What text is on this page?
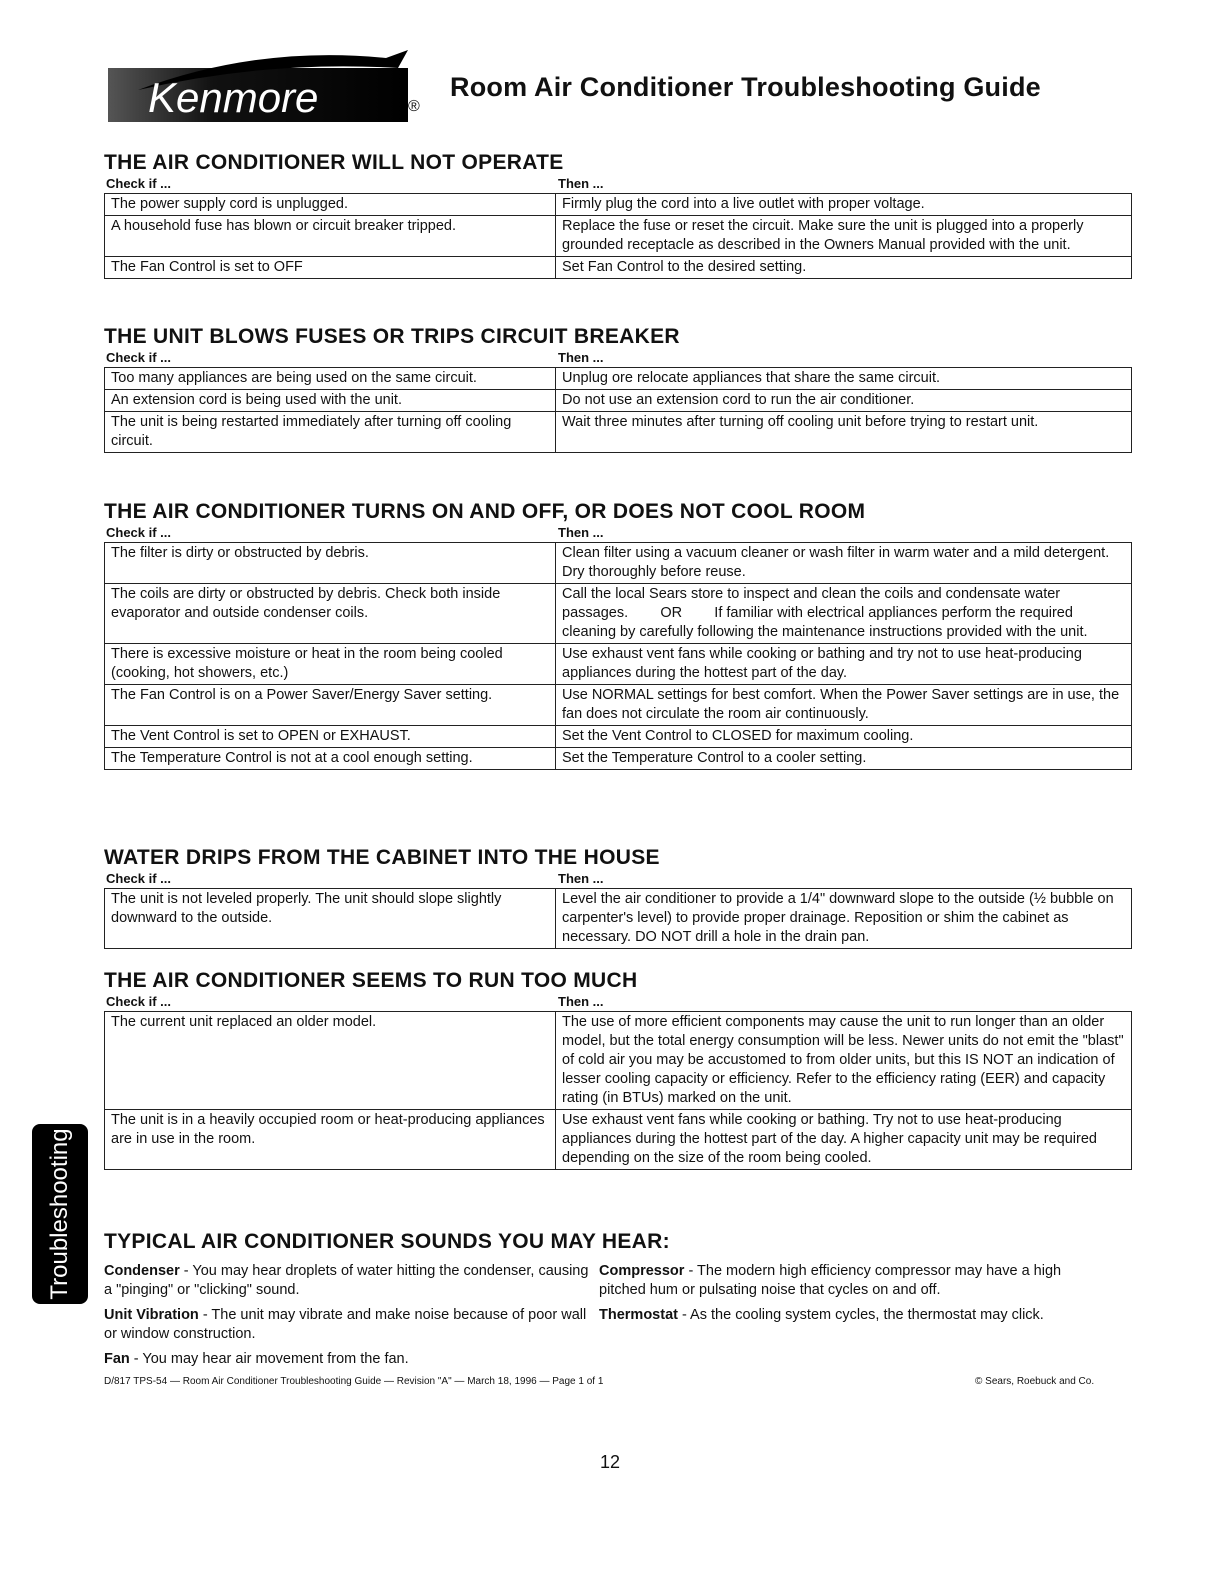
Kenmore	®
Room Air Conditioner Troubleshooting Guide
THE AIR CONDITIONER WILL NOT OPERATE
Check if ...	Then ...
The power supply cord is unplugged.	Firmly plug the cord into a live outlet with proper voltage.
A household fuse has blown or circuit breaker tripped.	Replace the fuse or reset the circuit. Make sure the unit is plugged into a properly grounded receptacle as described in the Owners Manual provided with the unit.
The Fan Control is set to OFF	Set Fan Control to the desired setting.
THE UNIT BLOWS FUSES OR TRIPS CIRCUIT BREAKER
Check if ...	Then ...
Too many appliances are being used on the same circuit.	Unplug ore relocate appliances that share the same circuit.
An extension cord is being used with the unit.	Do not use an extension cord to run the air conditioner.
The unit is being restarted immediately after turning off cooling circuit.	Wait three minutes after turning off cooling unit before trying to restart unit.
THE AIR CONDITIONER TURNS ON AND OFF, OR DOES NOT COOL ROOM
Check if ...	Then ...
The filter is dirty or obstructed by debris.	Clean filter using a vacuum cleaner or wash filter in warm water and a mild detergent. Dry thoroughly before reuse.
The coils are dirty or obstructed by debris. Check both inside evaporator and outside condenser coils.	Call the local Sears store to inspect and clean the coils and condensate water passages.        OR        If familiar with electrical appliances perform the required cleaning by carefully following the maintenance instructions provided with the unit.
There is excessive moisture or heat in the room being cooled (cooking, hot showers, etc.)	Use exhaust vent fans while cooking or bathing and try not to use heat-producing appliances during the hottest part of the day.
The Fan Control is on a Power Saver/Energy Saver setting.	Use NORMAL settings for best comfort. When the Power Saver settings are in use, the fan does not circulate the room air continuously.
The Vent Control is set to OPEN or EXHAUST.	Set the Vent Control to CLOSED for maximum cooling.
The Temperature Control is not at a cool enough setting.	Set the Temperature Control to a cooler setting.
WATER DRIPS FROM THE CABINET INTO THE HOUSE
Check if ...	Then ...
The unit is not leveled properly. The unit should slope slightly downward to the outside.	Level the air conditioner to provide a 1/4" downward slope to the outside (½ bubble on carpenter's level) to provide proper drainage. Reposition or shim the cabinet as necessary. DO NOT drill a hole in the drain pan.
THE AIR CONDITIONER SEEMS TO RUN TOO MUCH
Check if ...	Then ...
The current unit replaced an older model.	The use of more efficient components may cause the unit to run longer than an older model, but the total energy consumption will be less. Newer units do not emit the "blast" of cold air you may be accustomed to from older units, but this IS NOT an indication of lesser cooling capacity or efficiency. Refer to the efficiency rating (EER) and capacity rating (in BTUs) marked on the unit.
The unit is in a heavily occupied room or heat-producing appliances are in use in the room.	Use exhaust vent fans while cooking or bathing. Try not to use heat-producing appliances during the hottest part of the day. A higher capacity unit may be required depending on the size of the room being cooled.
TYPICAL AIR CONDITIONER SOUNDS YOU MAY HEAR:

Condenser - You may hear droplets of water hitting the condenser, causing a "pinging" or "clicking" sound.

Unit Vibration - The unit may vibrate and make noise because of poor wall or window construction.

Fan - You may hear air movement from the fan.

Compressor - The modern high efficiency compressor may have a high pitched hum or pulsating noise that cycles on and off.

Thermostat - As the cooling system cycles, the thermostat may click.

D/817 TPS-54 — Room Air Conditioner Troubleshooting Guide — Revision "A" — March 18, 1996 — Page 1 of 1	© Sears, Roebuck and Co.
12
Troubleshooting
